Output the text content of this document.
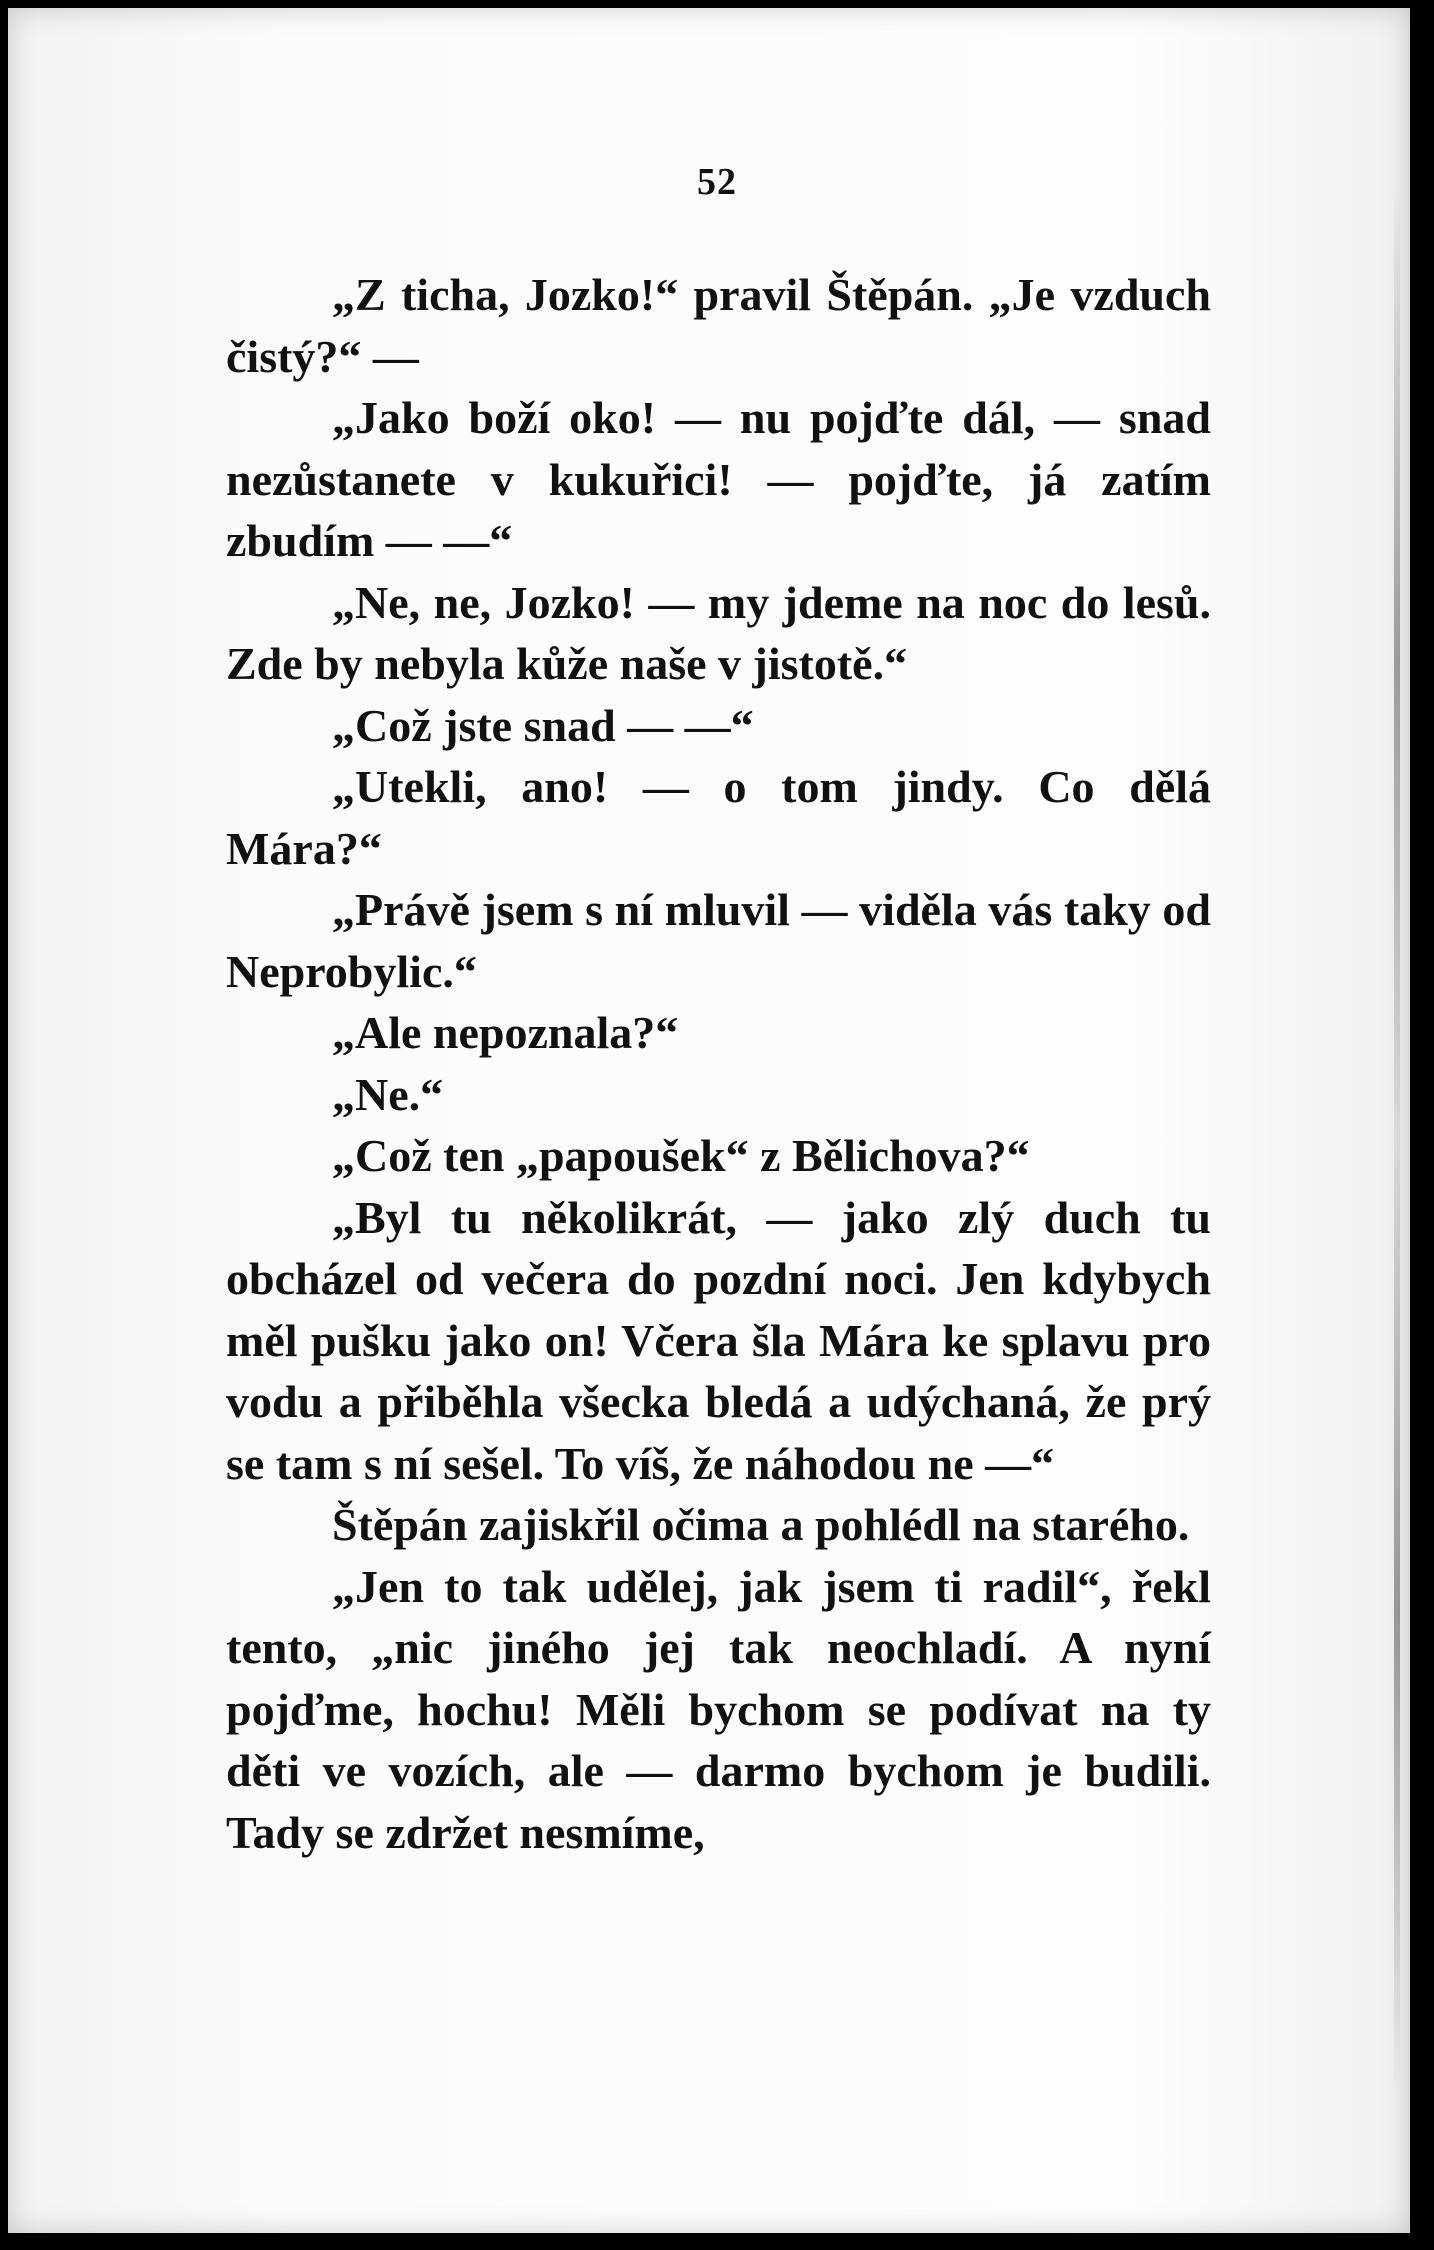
52

„Z ticha, Jozko!“ pravil Štěpán. „Je vzduch čistý?“ —

„Jako boží oko! — nu pojďte dál, — snad nezůstanete v kukuřici! — pojďte, já zatím zbudím — —“

„Ne, ne, Jozko! — my jdeme na noc do lesů. Zde by nebyla kůže naše v jistotě.“

„Což jste snad — —“

„Utekli, ano! — o tom jindy. Co dělá Mára?“

„Právě jsem s ní mluvil — viděla vás taky od Neprobylic.“

„Ale nepoznala?“

„Ne.“

„Což ten „papoušek“ z Bělichova?“

„Byl tu několikrát, — jako zlý duch tu obcházel od večera do pozdní noci. Jen kdybych měl pušku jako on! Včera šla Mára ke splavu pro vodu a přiběhla všecka bledá a udýchaná, že prý se tam s ní sešel. To víš, že náhodou ne —“

Štěpán zajiskřil očima a pohlédl na starého.

„Jen to tak udělej, jak jsem ti radil“, řekl tento, „nic jiného jej tak neochladí. A nyní pojďme, hochu! Měli bychom se podívat na ty děti ve vozích, ale — darmo bychom je budili. Tady se zdržet nesmíme,
